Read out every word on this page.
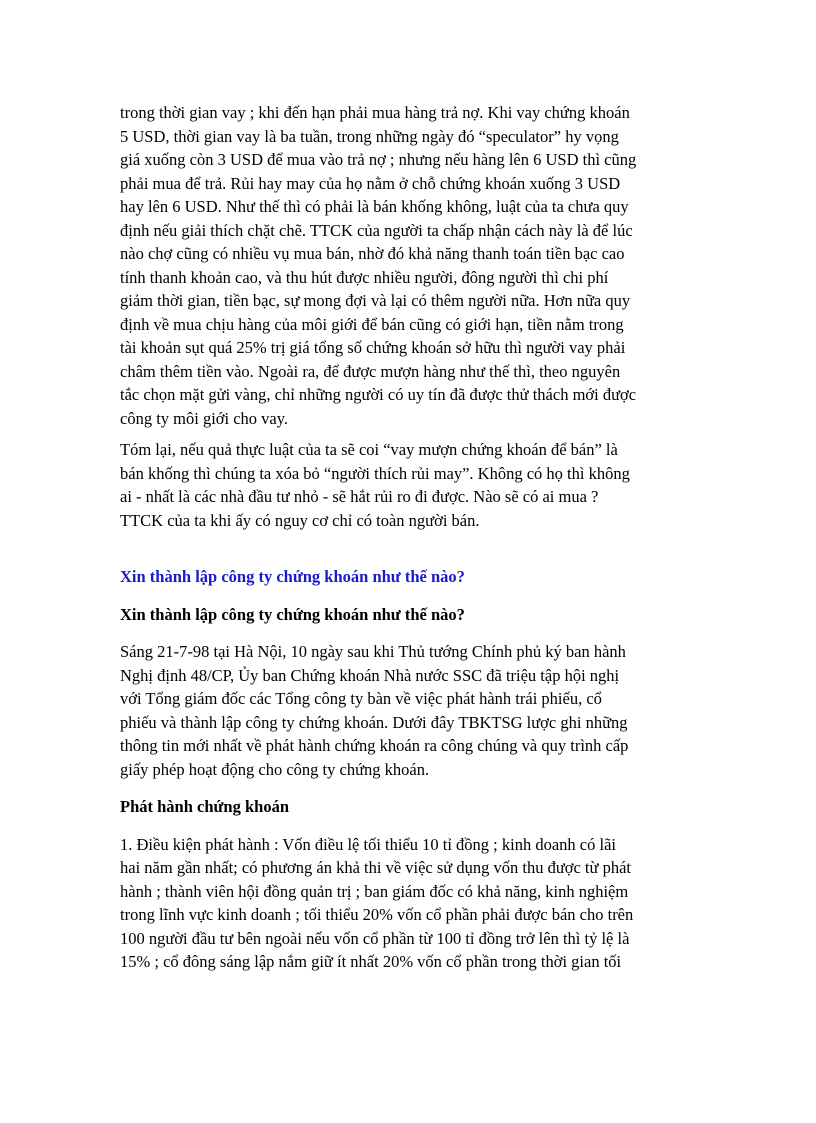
trong thời gian vay ; khi đến hạn phải mua hàng trả nợ. Khi vay chứng khoán
5 USD, thời gian vay là ba tuần, trong những ngày đó “speculator” hy vọng
giá xuống còn 3 USD để mua vào trả nợ ; nhưng nếu hàng lên 6 USD thì cũng
phải mua để trả. Rủi hay may của họ nằm ở chỗ chứng khoán xuống 3 USD
hay lên 6 USD. Như thế thì có phải là bán khống không, luật của ta chưa quy
định nếu giải thích chặt chẽ. TTCK của người ta chấp nhận cách này là để lúc
nào chợ cũng có nhiều vụ mua bán, nhờ đó khả năng thanh toán tiền bạc cao
tính thanh khoản cao, và thu hút được nhiều người, đông người thì chi phí
giảm thời gian, tiền bạc, sự mong đợi và lại có thêm người nữa. Hơn nữa quy
định về mua chịu hàng của môi giới để bán cũng có giới hạn, tiền nằm trong
tài khoản sụt quá 25% trị giá tổng số chứng khoán sở hữu thì người vay phải
châm thêm tiền vào. Ngoài ra, để được mượn hàng như thế thì, theo nguyên
tắc chọn mặt gửi vàng, chỉ những người có uy tín đã được thử thách mới được
công ty môi giới cho vay.

Tóm lại, nếu quả thực luật của ta sẽ coi “vay mượn chứng khoán để bán” là
bán khống thì chúng ta xóa bỏ “người thích rủi may”. Không có họ thì không
ai - nhất là các nhà đầu tư nhỏ - sẽ hắt rủi ro đi được. Nào sẽ có ai mua ?
TTCK của ta khi ấy có nguy cơ chỉ có toàn người bán.

Xin thành lập công ty chứng khoán như thế nào?
Xin thành lập công ty chứng khoán như thế nào?

Sáng 21-7-98 tại Hà Nội, 10 ngày sau khi Thủ tướng Chính phủ ký ban hành
Nghị định 48/CP, Ủy ban Chứng khoán Nhà nước SSC đã triệu tập hội nghị
với Tổng giám đốc các Tổng công ty bàn về việc phát hành trái phiếu, cổ
phiếu và thành lập công ty chứng khoán. Dưới đây TBKTSG lược ghi những
thông tin mới nhất về phát hành chứng khoán ra công chúng và quy trình cấp
giấy phép hoạt động cho công ty chứng khoán.

Phát hành chứng khoán

1. Điều kiện phát hành : Vốn điều lệ tối thiểu 10 tỉ đồng ; kinh doanh có lãi
hai năm gần nhất; có phương án khả thi về việc sử dụng vốn thu được từ phát
hành ; thành viên hội đồng quản trị ; ban giám đốc có khả năng, kinh nghiệm
trong lĩnh vực kinh doanh ; tối thiểu 20% vốn cổ phần phải được bán cho trên
100 người đầu tư bên ngoài nếu vốn cổ phần từ 100 tỉ đồng trở lên thì tỷ lệ là
15% ; cổ đông sáng lập nắm giữ ít nhất 20% vốn cổ phần trong thời gian tối
